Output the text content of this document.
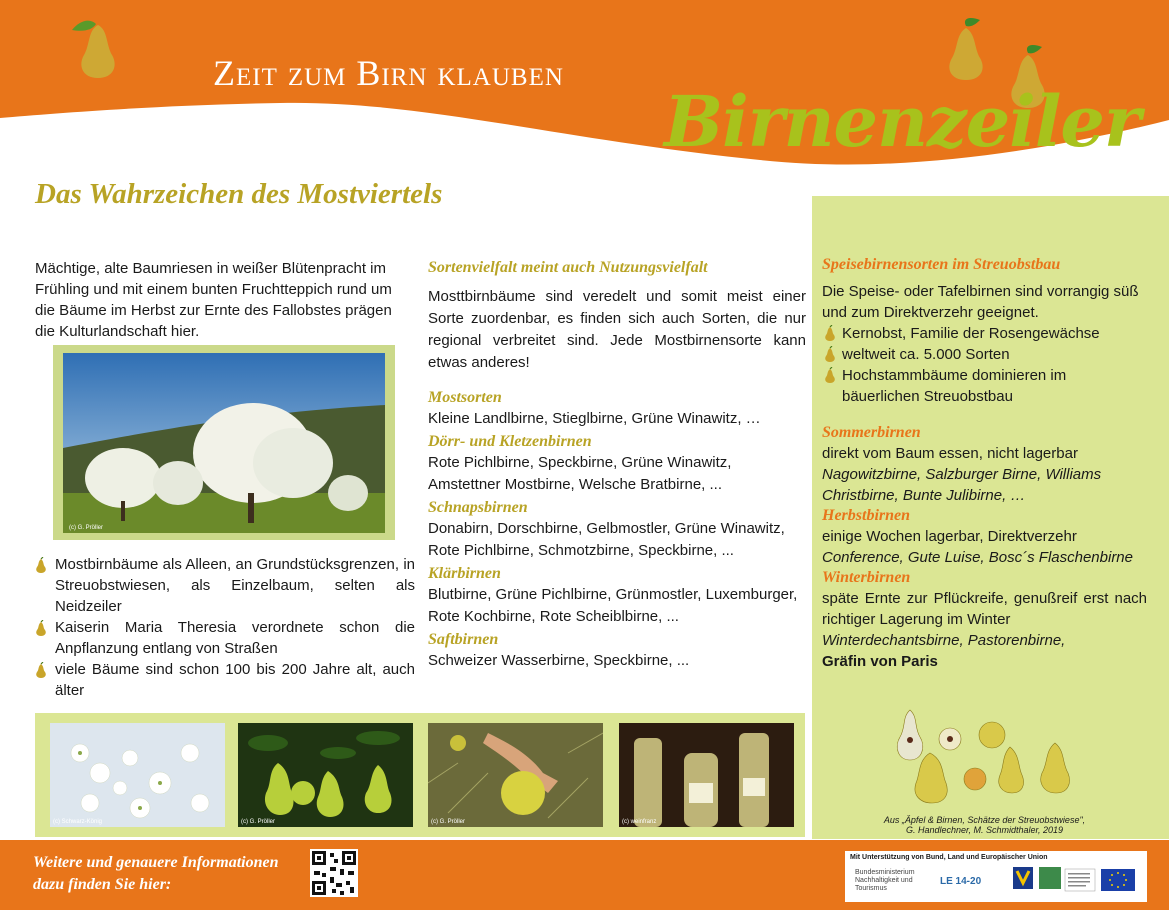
Zeit zum Birn klauben
Birnenzeiler
Das Wahrzeichen des Mostviertels

Mächtige, alte Baumriesen in weißer Blütenpracht im Frühling und mit einem bunten Fruchtteppich rund um die Bäume im Herbst zur Ernte des Fallobstes prägen die Kulturlandschaft hier.

(c) G. Pröller
Mostbirnbäume als Alleen, an Grundstücksgrenzen, in Streuobstwiesen, als Einzelbaum, selten als Neidzeiler
Kaiserin Maria Theresia verordnete schon die Anpflanzung entlang von Straßen
viele Bäume sind schon 100 bis 200 Jahre alt, auch älter
Sortenvielfalt meint auch Nutzungsvielfalt

Mosttbirnbäume sind veredelt und somit meist einer Sorte zuordenbar, es finden sich auch Sorten, die nur regional verbreitet sind. Jede Mostbirnensorte kann etwas anderes!

Mostsorten

Kleine Landlbirne, Stieglbirne, Grüne Winawitz, …

Dörr- und Kletzenbirnen

Rote Pichlbirne, Speckbirne, Grüne Winawitz, Amstettner Mostbirne, Welsche Bratbirne, ...

Schnapsbirnen

Donabirn, Dorschbirne, Gelbmostler, Grüne Winawitz, Rote Pichlbirne, Schmotzbirne, Speckbirne, ...

Klärbirnen

Blutbirne, Grüne Pichlbirne, Grünmostler, Luxemburger, Rote Kochbirne, Rote Scheiblbirne, ...

Saftbirnen

Schweizer Wasserbirne, Speckbirne, ...

Speisebirnensorten im Streuobstbau

Die Speise- oder Tafelbirnen sind vorrangig süß und zum Direktverzehr geeignet.

Kernobst, Familie der Rosengewächse
weltweit ca. 5.000 Sorten
Hochstammbäume dominieren im bäuerlichen Streuobstbau
Sommerbirnen

direkt vom Baum essen, nicht lagerbar

Nagowitzbirne, Salzburger Birne, Williams Christbirne, Bunte Julibirne, …

Herbstbirnen

einige Wochen lagerbar, Direktverzehr

Conference, Gute Luise, Bosc´s Flaschenbirne

Winterbirnen

späte Ernte zur Pflückreife, genußreif erst nach richtiger Lagerung im Winter

Winterdechantsbirne, Pastorenbirne,

Gräfin von Paris

Aus „Äpfel & Birnen, Schätze der Streuobstwiese",
G. Handlechner, M. Schmidthaler, 2019
(c) Schwarz-König	(c) G. Pröller	(c) G. Pröller	(c) weinfranz
Weitere und genauere Informationen
dazu finden Sie hier:
Mit Unterstützung von Bund, Land und Europäischer Union
Bundesministerium
Nachhaltigkeit und
Tourismus
LE 14-20
